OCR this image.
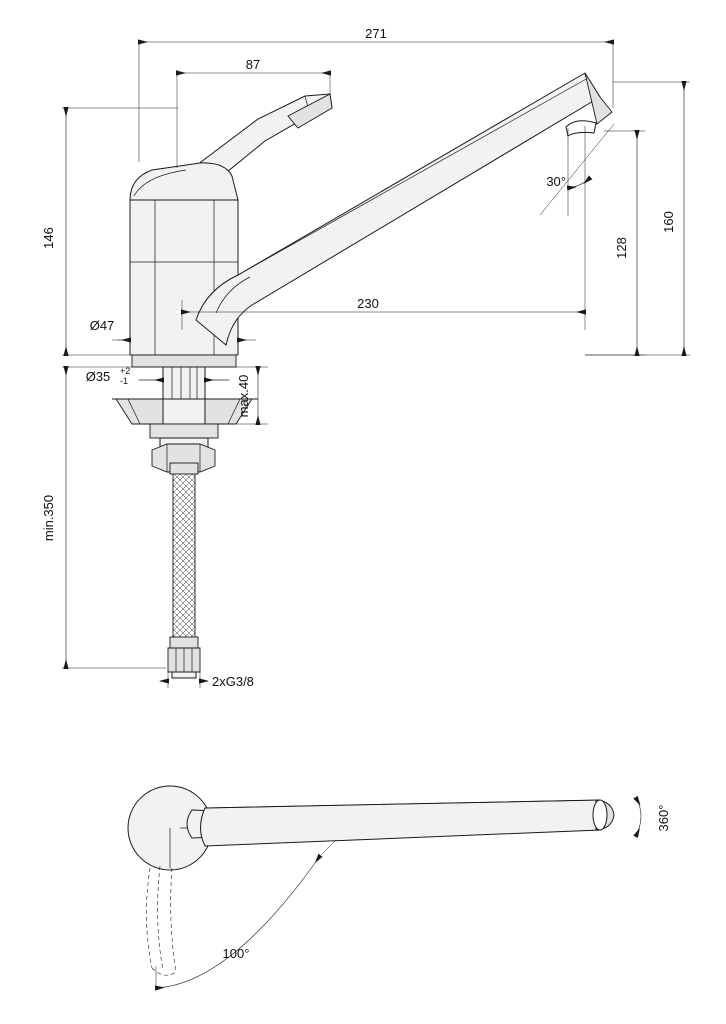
271
87
146
230
160
128
30°
Ø47
Ø35 +2
-1	max.40
min.350
2xG3/8
100°
360°
